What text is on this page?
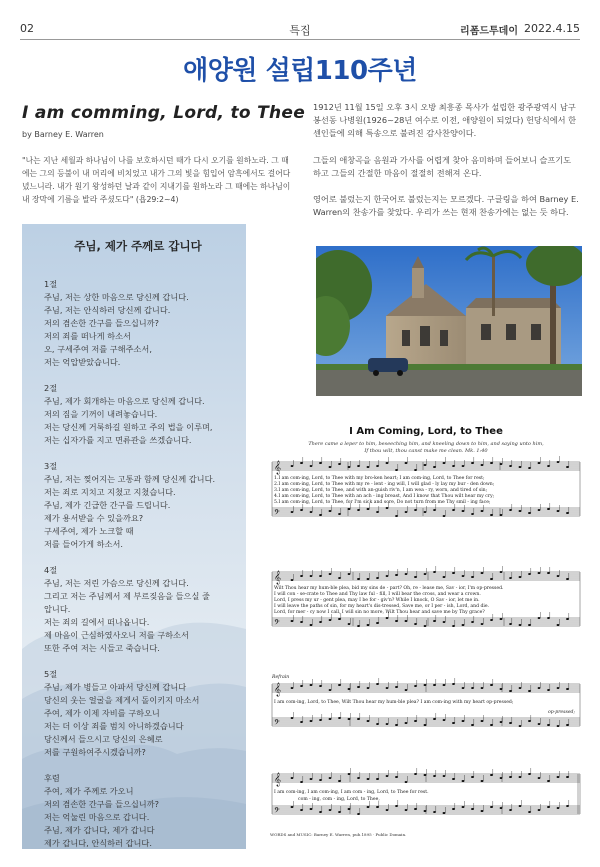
02	특집	리폼드투데이 2022.4.15
애양원 설립110주년
I am comming, Lord, to Thee
by Barney E. Warren
"나는 지난 세월과 하나님이 나를 보호하시던 때가 다시 오기를 원하노라. 그 때에는 그의 등불이 내 머리에 비치었고 내가 그의 빛을 힘입어 암흑에서도 걸어다녔느니라. 내가 원기 왕성하던 날과 같이 지내기를 원하노라 그 때에는 하나님이 내 장막에 기름을 발라 주셨도다" (욥29:2~4)
주님, 제가 주께로 갑니다
1절
주님, 저는 상한 마음으로 당신께 갑니다.
주님, 저는 안식하러 당신께 갑니다.
저의 겸손한 간구를 들으십니까?
저의 죄를 떠나게 하소서
오, 구세주여 저를 구해주소서,
저는 억압받았습니다.
2절
주님, 제가 회개하는 마음으로 당신께 갑니다.
저의 짐을 기꺼이 내려놓습니다.
저는 당신께 거룩하길 원하고 주의 법을 이루며,
저는 십자가를 지고 면류관을 쓰겠습니다.
3절
주님, 저는 찢어지는 고통과 함께 당신께 갑니다.
저는 죄로 지치고 지쳤고 지쳤습니다.
주님, 제가 긴급한 간구를 드립니다.
제가 용서받을 수 있을까요?
구세주여, 제가 노크할 때
저를 들어가게 하소서.
4절
주님, 저는 저린 가슴으로 당신께 갑니다.
그리고 저는 주님께서 제 부르짖음을 들으실 줄
압니다.
저는 죄의 길에서 떠나옵니다.
제 마음이 근심하였사오니 저를 구하소서
또한 주여 저는 시들고 죽습니다.
5절
주님, 제가 병들고 아파서 당신께 갑니다
당신의 웃는 얼굴을 제게서 돌이키지 마소서
주여, 제가 이제 자비를 구하오니
저는 더 이상 죄를 범치 아니하겠습니다
당신께서 들으시고 당신의 은혜로
저를 구원하여주시겠습니까?
후렴
주여, 제가 주께로 가오니
저의 겸손한 간구를 들으십니까?
저는 억눌린 마음으로 갑니다.
주님, 제가 갑니다, 제가 갑니다
제가 갑니다, 안식하러 갑니다.

1912년 11월 15일 오후 3시 오방 최흥종 목사가 설립한 광주광역시 남구 봉선동 나병원(1926~28년 여수로 이전, 애양원이 되었다) 헌당식에서 한센인들에 의해 특송으로 불려진 감사찬양이다.

그들의 애창곡을 음원과 가사를 어렵게 찾아 음미하며 들어보니 슬프기도 하고 그들의 간절한 마음이 절절히 전해져 온다.

영어로 불렀는지 한국어로 불렀는지는 모르겠다. 구글링을 하여 Barney E. Warren의 찬송가를 찾았다. 우리가 쓰는 현재 찬송가에는 없는 듯 하다.

I Am Coming, Lord, to Thee
There came a leper to him, beseeching him, and kneeling down to him, and saying unto him,
If thou wilt, thou canst make me clean. Mk. 1:40
𝄞
𝄢
𝄞
𝄢
𝄞
𝄢
𝄞
𝄢
1.I am com-ing, Lord, to Thee with my bro-ken heart; I am com-ing, Lord, to Thee for rest;
2.I am com-ing, Lord, to Thee with my re - lent - ing will, I will glad - ly lay my bur - den down;
3.I am com-ing, Lord, to Thee, and with an-guish riv'n, I am wea - ry, worn, and tired of sin;
4.I am com-ing, Lord, to Thee with an ach - ing breast, And I know that Thou wilt hear my cry;
5.I am com-ing, Lord, to Thee, for I'm sick and sore, Do not turn from me Thy smil - ing face;
Wilt Thou hear my hum-ble plea, bid my sins de - part? Oh, re - lease me, Sav - ior, I'm op-pressed.
I will con - se-crate to Thee and Thy law ful - fill, I will bear the cross, and wear a crown.
Lord, I press my ur - gent plea, may I be for - giv'n? While I knock, O Sav - ior, let me in.
I will leave the paths of sin, for my heart's dis-tressed, Save me, or I per - ish, Lord, and die.
Lord, for mer - cy now I call, I will sin no more, Wilt Thou hear and save me by Thy grace?
Refrain
I am com-ing, Lord, to Thee, Wilt Thou hear my hum-ble plea? I am com-ing with my heart op-pressed;
op-pressed;
I am com-ing, I am com-ing, I am com - ing, Lord, to Thee for rest.
com - ing, com - ing, Lord, to Thee,
WORDS and MUSIC: Barney E. Warren, pub.1895 · Public Domain.
